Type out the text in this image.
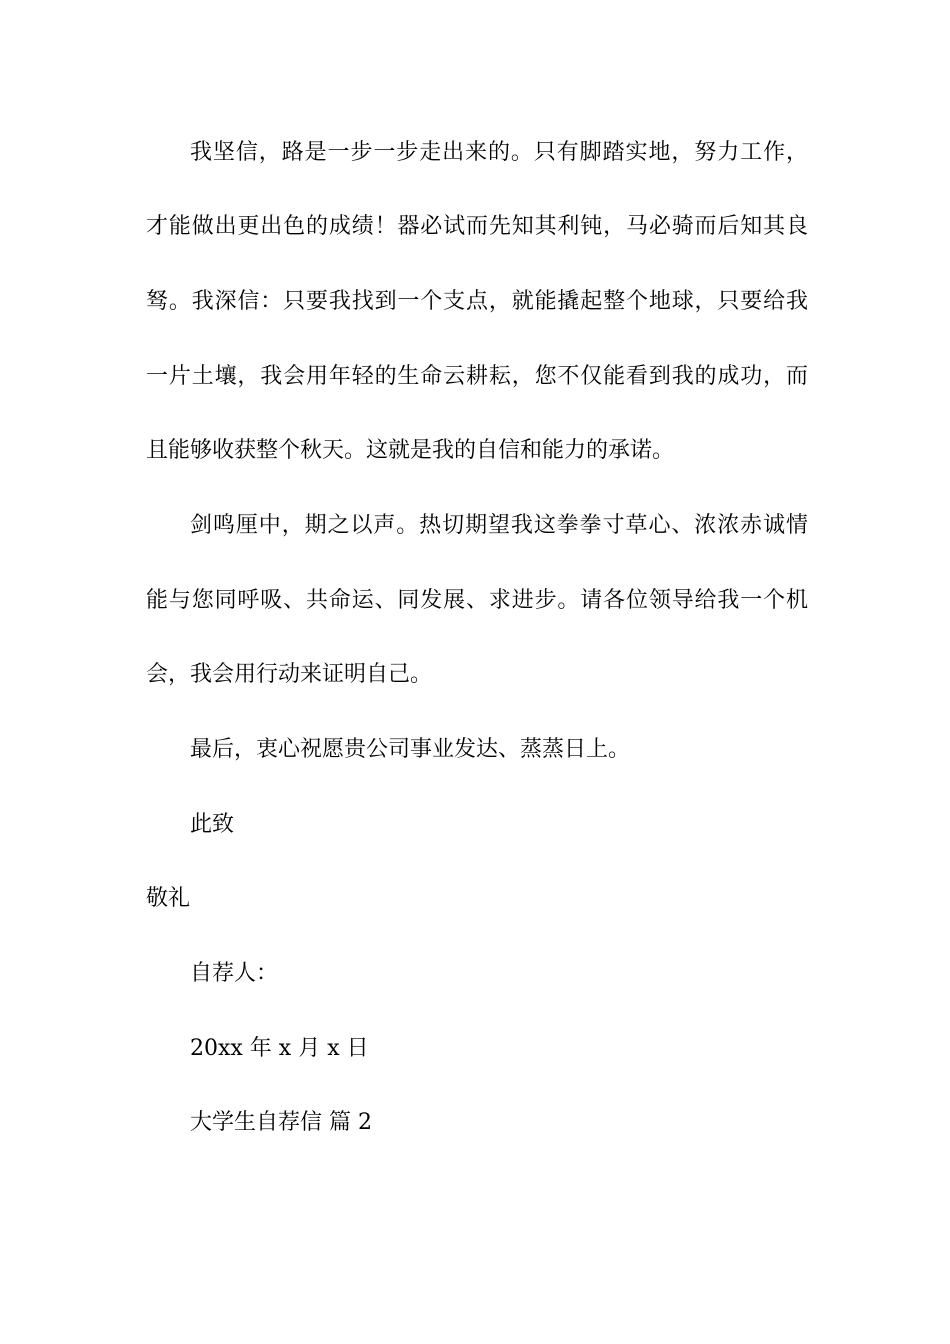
我坚信，路是一步一步走出来的。只有脚踏实地，努力工作，
才能做出更出色的成绩！器必试而先知其利钝，马必骑而后知其良
驽。我深信：只要我找到一个支点，就能撬起整个地球，只要给我
一片土壤，我会用年轻的生命云耕耘，您不仅能看到我的成功，而
且能够收获整个秋天。这就是我的自信和能力的承诺。
剑鸣厘中，期之以声。热切期望我这拳拳寸草心、浓浓赤诚情
能与您同呼吸、共命运、同发展、求进步。请各位领导给我一个机
会，我会用行动来证明自己。
最后，衷心祝愿贵公司事业发达、蒸蒸日上。
此致
敬礼
自荐人：
20xx 年 x 月 x 日
大学生自荐信 篇 2
